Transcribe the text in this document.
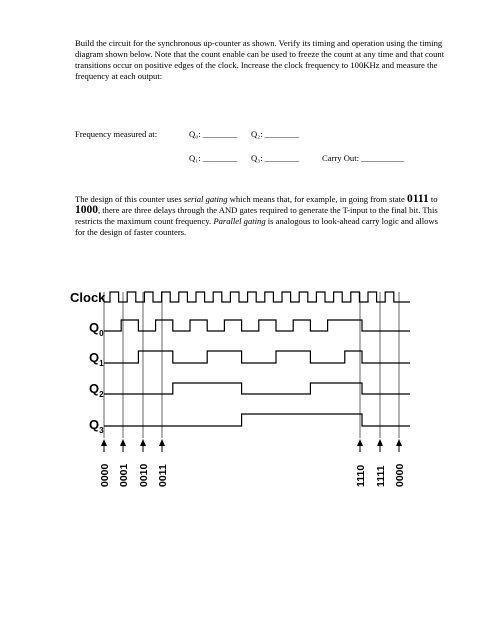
Build the circuit for the synchronous up-counter as shown. Verify its timing and operation using the timing diagram shown below. Note that the count enable can be used to freeze the count at any time and that count transitions occur on positive edges of the clock. Increase the clock frequency to 100KHz and measure the frequency at each output:
Frequency measured at:	Q₀: ________ Q₂: ________
Q₁: ________ Q₃: ________	Carry Out: __________
The design of this counter uses serial gating which means that, for example, in going from state 0111 to 1000, there are three delays through the AND gates required to generate the T-input to the final bit. This restricts the maximum count frequency. Parallel gating is analogous to look-ahead carry logic and allows for the design of faster counters.
Clock
$Q_0$
$Q_1$
$Q_2$
$Q_3$
0000 0001 0010 0011	1110 1111 0000
